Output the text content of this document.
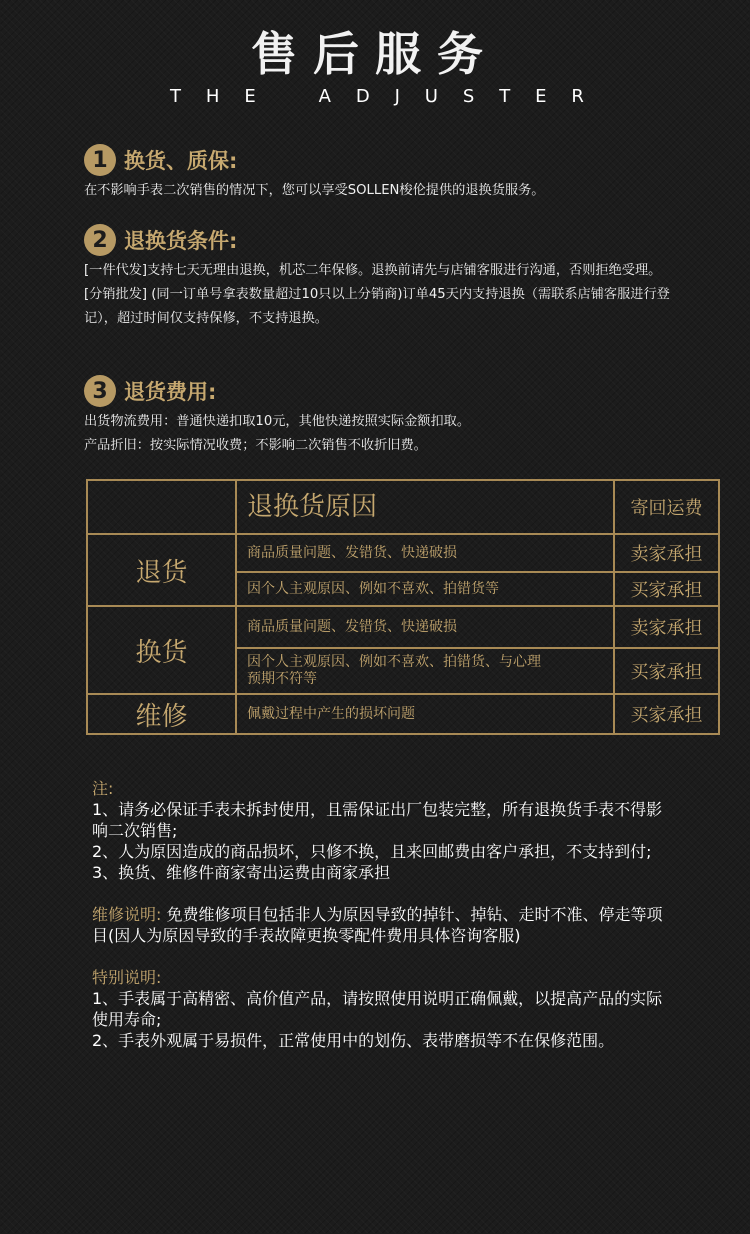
售后服务
T H E	A D J U S T E R
1 换货、质保:

在不影响手表二次销售的情况下，您可以享受SOLLEN梭伦提供的退换货服务。

2 退换货条件:

[一件代发]支持七天无理由退换，机芯二年保修。退换前请先与店铺客服进行沟通，否则拒绝受理。

[分销批发] (同一订单号拿表数量超过10只以上分销商)订单45天内支持退换（需联系店铺客服进行登记），超过时间仅支持保修，不支持退换。

3 退货费用:

出货物流费用：普通快递扣取10元，其他快递按照实际金额扣取。

产品折旧：按实际情况收费；不影响二次销售不收折旧费。

	退换货原因	寄回运费
退货	商品质量问题、发错货、快递破损	卖家承担
	因个人主观原因、例如不喜欢、拍错货等	买家承担
换货	商品质量问题、发错货、快递破损	卖家承担
	因个人主观原因、例如不喜欢、拍错货、与心理预期不符等	买家承担
维修	佩戴过程中产生的损坏问题	买家承担

注:

1、请务必保证手表未拆封使用，且需保证出厂包装完整，所有退换货手表不得影响二次销售;

2、人为原因造成的商品损坏，只修不换，且来回邮费由客户承担，不支持到付;

3、换货、维修件商家寄出运费由商家承担

维修说明: 免费维修项目包括非人为原因导致的掉针、掉钻、走时不准、停走等项目(因人为原因导致的手表故障更换零配件费用具体咨询客服)

特别说明:

1、手表属于高精密、高价值产品，请按照使用说明正确佩戴，以提高产品的实际使用寿命;

2、手表外观属于易损件，正常使用中的划伤、表带磨损等不在保修范围。
